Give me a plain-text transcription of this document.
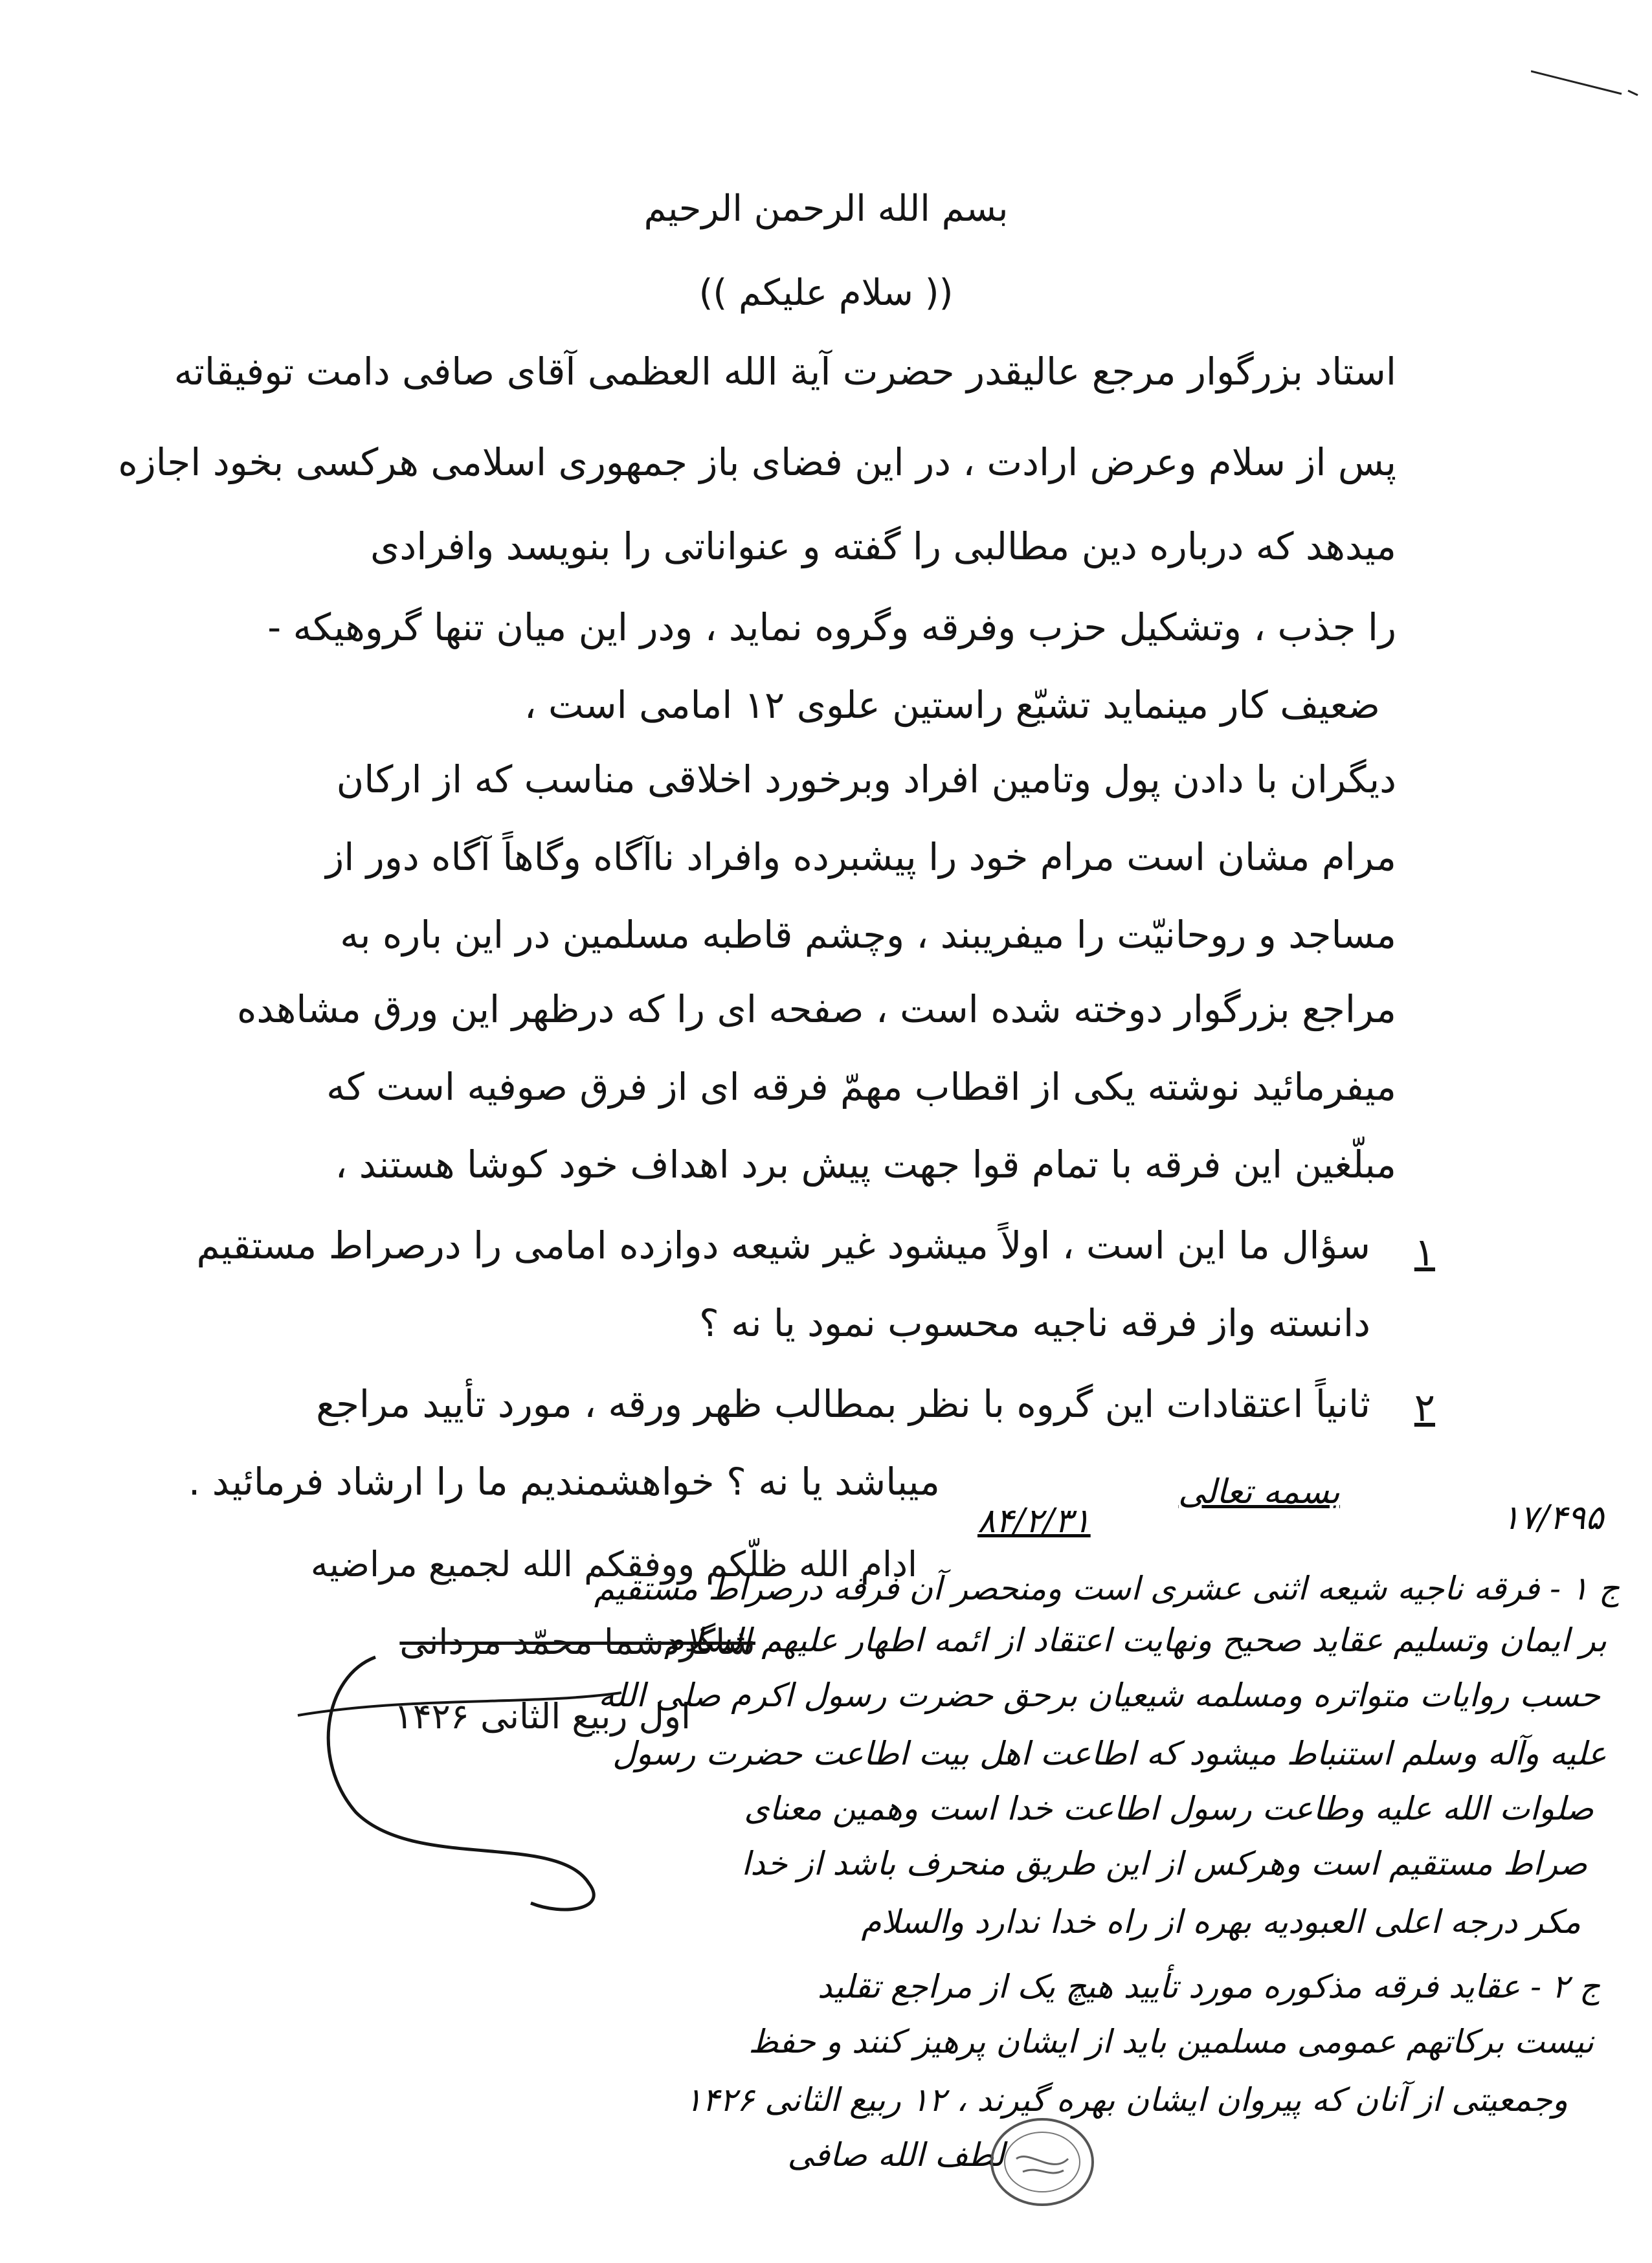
بسم الله الرحمن الرحیم
(( سلام علیکم ))
استاد بزرگوار مرجع عالیقدر حضرت آیة الله العظمی آقای صافی دامت توفیقاته
پس از سلام وعرض ارادت ، در این فضای باز جمهوری اسلامی هرکسی بخود اجازه
میدهد که درباره دین مطالبی را گفته و عنواناتی را بنویسد وافرادی
را جذب ، وتشکیل حزب وفرقه وگروه نماید ، ودر این میان تنها گروهیکه -
ضعیف کار مینماید تشیّع راستین علوی ۱۲ امامی است ،
دیگران با دادن پول وتامین افراد وبرخورد اخلاقی مناسب که از ارکان
مرام مشان است مرام خود را پیشبرده وافراد ناآگاه وگاهاً آگاه دور از
مساجد و روحانیّت را میفریبند ، وچشم قاطبه مسلمین در این باره به
مراجع بزرگوار دوخته شده است ، صفحه ای را که درظهر این ورق مشاهده
میفرمائید نوشته یکی از اقطاب مهمّ فرقه ای از فرق صوفیه است که
مبلّغین این فرقه با تمام قوا جهت پیش برد اهداف خود کوشا هستند ،
۱
سؤال ما این است ، اولاً میشود غیر شیعه دوازده امامی را درصراط مستقیم
دانسته واز فرقه ناجیه محسوب نمود یا نه ؟
۲
ثانیاً اعتقادات این گروه با نظر بمطالب ظهر ورقه ، مورد تأیید مراجع
میباشد یا نه ؟ خواهشمندیم ما را ارشاد فرمائید .
ادام الله ظلّکم ووفقکم الله لجمیع مراضیه
شاگردشما محمّد مردانی
اول ربیع الثانی ۱۴۲۶
۱۷/۴۹۵
۸۴/۲/۳۱
بسمه تعالی
ج ۱ - فرقه ناجیه شیعه اثنی عشری است ومنحصر آن فرقه درصراط مستقیم
بر ایمان وتسلیم عقاید صحیح ونهایت اعتقاد از ائمه اطهار علیهم السلام
حسب روایات متواتره ومسلمه شیعیان برحق حضرت رسول اکرم صلی الله
علیه وآله وسلم استنباط میشود که اطاعت اهل بیت اطاعت حضرت رسول
صلوات الله علیه وطاعت رسول اطاعت خدا است وهمین معنای
صراط مستقیم است وهرکس از این طریق منحرف باشد از خدا
مکر درجه اعلی العبودیه بهره از راه خدا ندارد والسلام
ج ۲ - عقاید فرقه مذکوره مورد تأیید هیچ یک از مراجع تقلید
نیست برکاتهم عمومی مسلمین باید از ایشان پرهیز کنند و حفظ
وجمعیتی از آنان که پیروان ایشان بهره گیرند ، ۱۲ ربیع الثانی ۱۴۲۶
لطف الله صافی
